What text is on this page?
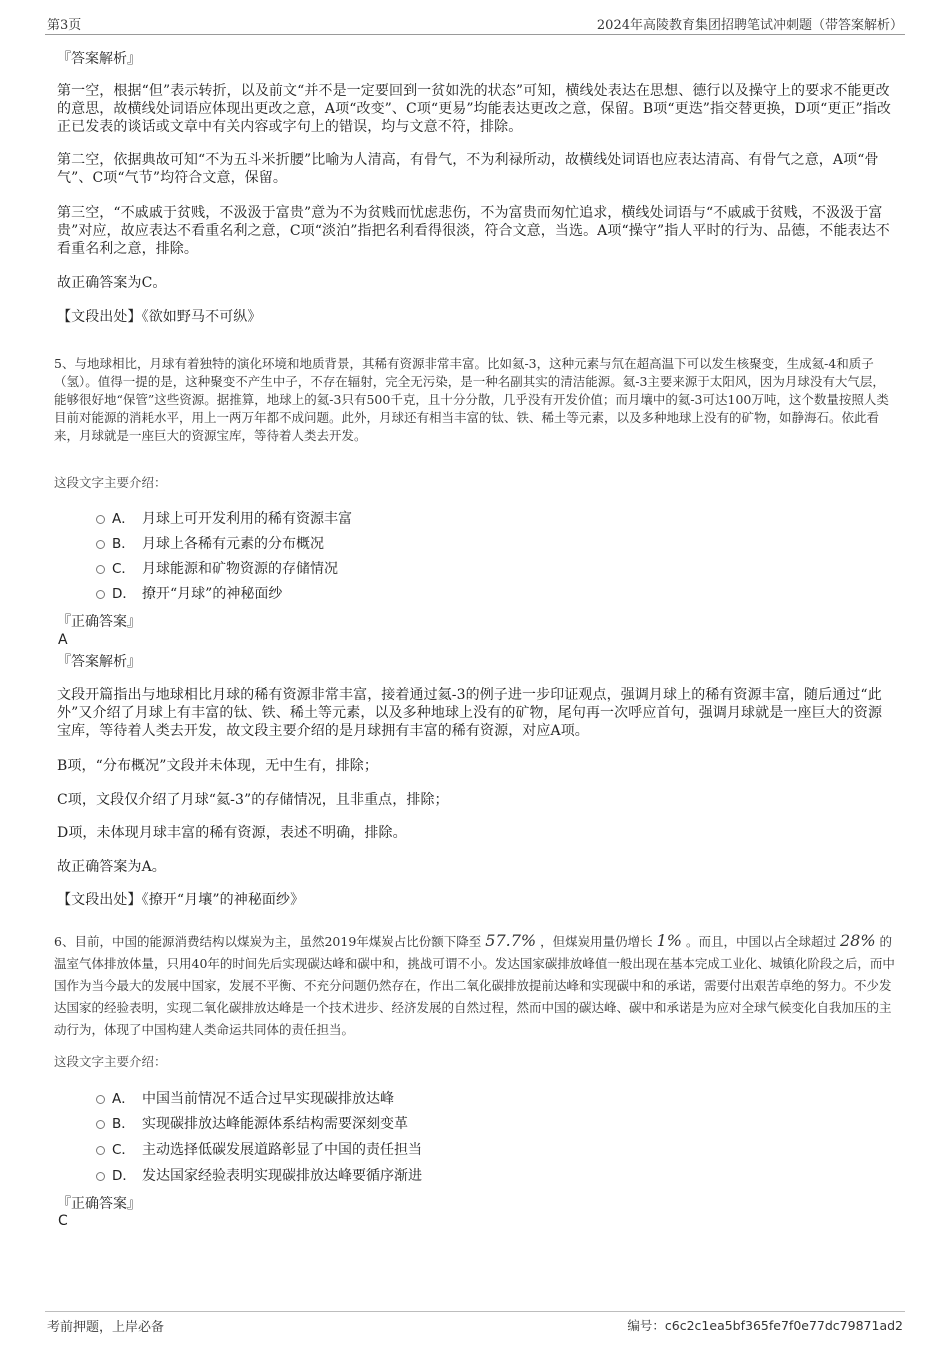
第3页	2024年高陵教育集团招聘笔试冲刺题（带答案解析）
『答案解析』
第一空，根据“但”表示转折，以及前文“并不是一定要回到一贫如洗的状态”可知，横线处表达在思想、德行以及操守上的要求不能更改的意思，故横线处词语应体现出更改之意，A项“改变”、C项“更易”均能表达更改之意，保留。B项“更迭”指交替更换，D项“更正”指改正已发表的谈话或文章中有关内容或字句上的错误，均与文意不符，排除。
第二空，依据典故可知“不为五斗米折腰”比喻为人清高，有骨气，不为利禄所动，故横线处词语也应表达清高、有骨气之意，A项“骨气”、C项“气节”均符合文意，保留。
第三空，“不戚戚于贫贱，不汲汲于富贵”意为不为贫贱而忧虑悲伤，不为富贵而匆忙追求，横线处词语与“不戚戚于贫贱，不汲汲于富贵”对应，故应表达不看重名利之意，C项“淡泊”指把名利看得很淡，符合文意，当选。A项“操守”指人平时的行为、品德，不能表达不看重名利之意，排除。
故正确答案为C。
【文段出处】《欲如野马不可纵》
5、与地球相比，月球有着独特的演化环境和地质背景，其稀有资源非常丰富。比如氦-3，这种元素与氘在超高温下可以发生核聚变，生成氦-4和质子（氢）。值得一提的是，这种聚变不产生中子，不存在辐射，完全无污染，是一种名副其实的清洁能源。氦-3主要来源于太阳风，因为月球没有大气层，能够很好地“保管”这些资源。据推算，地球上的氦-3只有500千克，且十分分散，几乎没有开发价值；而月壤中的氦-3可达100万吨，这个数量按照人类目前对能源的消耗水平，用上一两万年都不成问题。此外，月球还有相当丰富的钛、铁、稀土等元素，以及多种地球上没有的矿物，如静海石。依此看来，月球就是一座巨大的资源宝库，等待着人类去开发。
这段文字主要介绍：
A． 月球上可开发利用的稀有资源丰富
B． 月球上各稀有元素的分布概况
C． 月球能源和矿物资源的存储情况
D． 撩开“月球”的神秘面纱
『正确答案』
A
『答案解析』
文段开篇指出与地球相比月球的稀有资源非常丰富，接着通过氦-3的例子进一步印证观点，强调月球上的稀有资源丰富，随后通过“此外”又介绍了月球上有丰富的钛、铁、稀土等元素，以及多种地球上没有的矿物，尾句再一次呼应首句，强调月球就是一座巨大的资源宝库，等待着人类去开发，故文段主要介绍的是月球拥有丰富的稀有资源，对应A项。
B项，“分布概况”文段并未体现，无中生有，排除；
C项，文段仅介绍了月球“氦-3”的存储情况，且非重点，排除；
D项，未体现月球丰富的稀有资源，表述不明确，排除。
故正确答案为A。
【文段出处】《撩开“月壤”的神秘面纱》
6、目前，中国的能源消费结构以煤炭为主，虽然2019年煤炭占比份额下降至 57.7% ，但煤炭用量仍增长 1% 。而且，中国以占全球超过 28% 的温室气体排放体量，只用40年的时间先后实现碳达峰和碳中和，挑战可谓不小。发达国家碳排放峰值一般出现在基本完成工业化、城镇化阶段之后，而中国作为当今最大的发展中国家，发展不平衡、不充分问题仍然存在，作出二氧化碳排放提前达峰和实现碳中和的承诺，需要付出艰苦卓绝的努力。不少发达国家的经验表明，实现二氧化碳排放达峰是一个技术进步、经济发展的自然过程，然而中国的碳达峰、碳中和承诺是为应对全球气候变化自我加压的主动行为，体现了中国构建人类命运共同体的责任担当。
这段文字主要介绍：
A． 中国当前情况不适合过早实现碳排放达峰
B． 实现碳排放达峰能源体系结构需要深刻变革
C． 主动选择低碳发展道路彰显了中国的责任担当
D． 发达国家经验表明实现碳排放达峰要循序渐进
『正确答案』
C
考前押题，上岸必备	编号：c6c2c1ea5bf365fe7f0e77dc79871ad2
